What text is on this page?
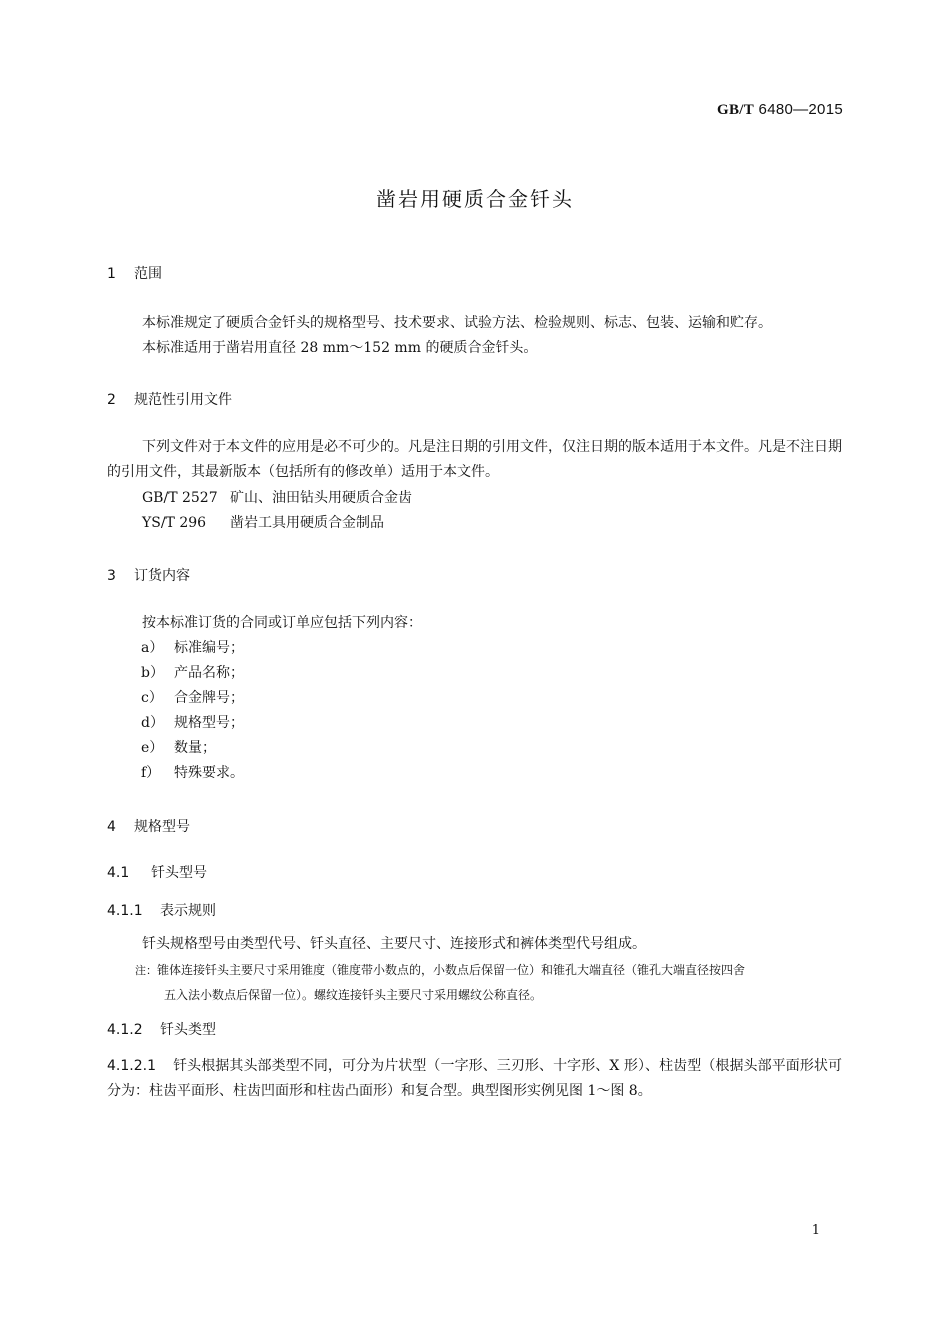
GB/T 6480—2015
凿岩用硬质合金钎头
1 范围
本标准规定了硬质合金钎头的规格型号、技术要求、试验方法、检验规则、标志、包装、运输和贮存。
本标准适用于凿岩用直径 28 mm～152 mm 的硬质合金钎头。
2 规范性引用文件
下列文件对于本文件的应用是必不可少的。凡是注日期的引用文件，仅注日期的版本适用于本文件。凡是不注日期的引用文件，其最新版本（包括所有的修改单）适用于本文件。
GB/T 2527 矿山、油田钻头用硬质合金齿
YS/T 296 凿岩工具用硬质合金制品
3 订货内容
按本标准订货的合同或订单应包括下列内容：
a） 标准编号；
b） 产品名称；
c） 合金牌号；
d） 规格型号；
e） 数量；
f） 特殊要求。
4 规格型号
4.1 钎头型号
4.1.1 表示规则
钎头规格型号由类型代号、钎头直径、主要尺寸、连接形式和裤体类型代号组成。
注：锥体连接钎头主要尺寸采用锥度（锥度带小数点的，小数点后保留一位）和锥孔大端直径（锥孔大端直径按四舍
五入法小数点后保留一位）。螺纹连接钎头主要尺寸采用螺纹公称直径。
4.1.2 钎头类型
4.1.2.1 钎头根据其头部类型不同，可分为片状型（一字形、三刃形、十字形、X 形）、柱齿型（根据头部平面形状可分为：柱齿平面形、柱齿凹面形和柱齿凸面形）和复合型。典型图形实例见图 1～图 8。
1
